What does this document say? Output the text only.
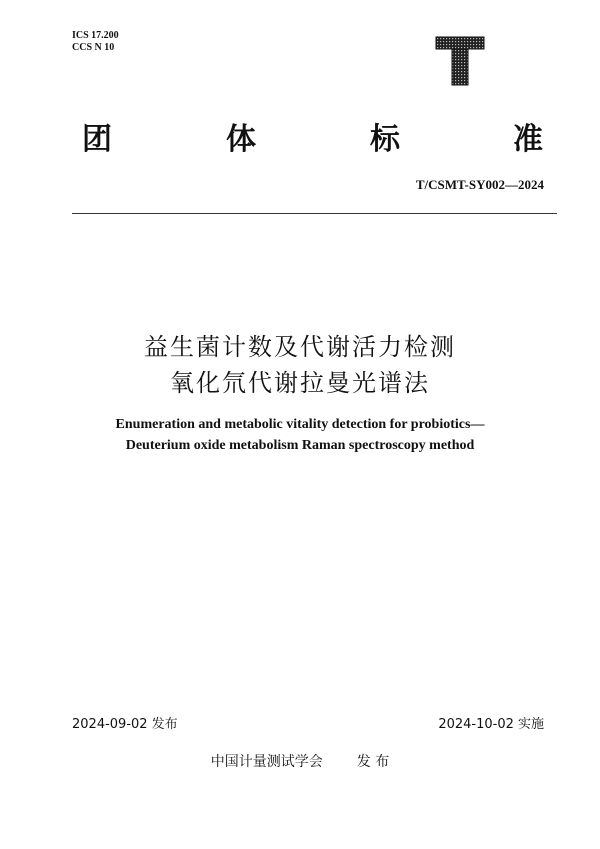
ICS 17.200
CCS N 10
团	体	标	准
T/CSMT-SY002—2024
益生菌计数及代谢活力检测
氧化氘代谢拉曼光谱法
Enumeration and metabolic vitality detection for probiotics—
Deuterium oxide metabolism Raman spectroscopy method
2024-09-02 发布	2024-10-02 实施
中国计量测试学会 发 布
